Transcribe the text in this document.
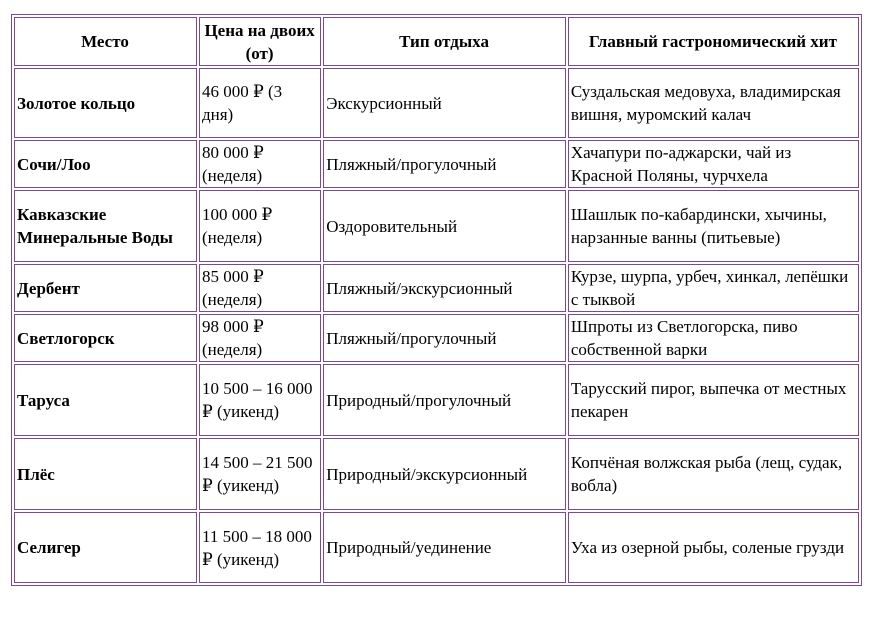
Место	Цена на двоих (от)	Тип отдыха	Главный гастрономический хит
Золотое кольцо	46 000 ₽ (3 дня)	Экскурсионный	Суздальская медовуха, владимирская вишня, муромский калач
Сочи/Лоо	80 000 ₽ (неделя)	Пляжный/прогулочный	Хачапури по-аджарски, чай из Красной Поляны, чурчхела
Кавказские Минеральные Воды	100 000 ₽ (неделя)	Оздоровительный	Шашлык по-кабардински, хычины, нарзанные ванны (питьевые)
Дербент	85 000 ₽ (неделя)	Пляжный/экскурсионный	Курзе, шурпа, урбеч, хинкал, лепёшки с тыквой
Светлогорск	98 000 ₽ (неделя)	Пляжный/прогулочный	Шпроты из Светлогорска, пиво собственной варки
Таруса	10 500 – 16 000 ₽ (уикенд)	Природный/прогулочный	Тарусский пирог, выпечка от местных пекарен
Плёс	14 500 – 21 500 ₽ (уикенд)	Природный/экскурсионный	Копчёная волжская рыба (лещ, судак, вобла)
Селигер	11 500 – 18 000 ₽ (уикенд)	Природный/уединение	Уха из озерной рыбы, соленые грузди
